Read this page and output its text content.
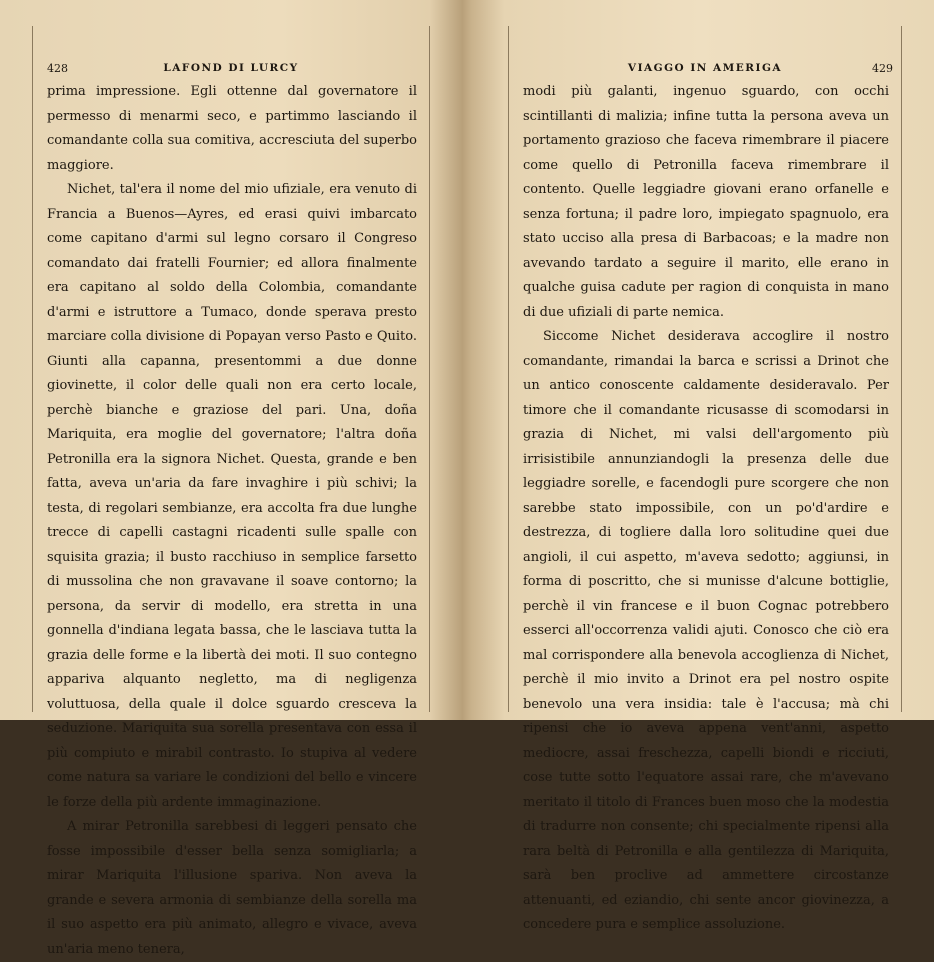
428	LAFOND DI LURCY

prima impressione. Egli ottenne dal governatore il permesso di menarmi seco, e partimmo lasciando il comandante colla sua comitiva, accresciuta del superbo maggiore.

Nichet, tal'era il nome del mio ufiziale, era venuto di Francia a Buenos—Ayres, ed erasi quivi imbarcato come capitano d'armi sul legno corsaro il Congreso comandato dai fratelli Fournier; ed allora finalmente era capitano al soldo della Colombia, comandante d'armi e istruttore a Tumaco, donde sperava presto marciare colla divisione di Popayan verso Pasto e Quito. Giunti alla capanna, presentommi a due donne giovinette, il color delle quali non era certo locale, perchè bianche e graziose del pari. Una, doña Mariquita, era moglie del governatore; l'altra doña Petronilla era la signora Nichet. Questa, grande e ben fatta, aveva un'aria da fare invaghire i più schivi; la testa, di regolari sembianze, era accolta fra due lunghe trecce di capelli castagni ricadenti sulle spalle con squisita grazia; il busto racchiuso in semplice farsetto di mussolina che non gravavane il soave contorno; la persona, da servir di modello, era stretta in una gonnella d'indiana legata bassa, che le lasciava tutta la grazia delle forme e la libertà dei moti. Il suo contegno appariva alquanto negletto, ma di negligenza voluttuosa, della quale il dolce sguardo cresceva la seduzione. Mariquita sua sorella presentava con essa il più compiuto e mirabil contrasto. Io stupiva al vedere come natura sa variare le condizioni del bello e vincere le forze della più ardente immaginazione.

A mirar Petronilla sarebbesi di leggeri pensato che fosse impossibile d'esser bella senza somigliarla; a mirar Mariquita l'illusione spariva. Non aveva la grande e severa armonia di sembianze della sorella ma il suo aspetto era più animato, allegro e vivace, aveva un'aria meno tenera,

VIAGGO IN AMERIGA	429

modi più galanti, ingenuo sguardo, con occhi scintillanti di malizia; infine tutta la persona aveva un portamento grazioso che faceva rimembrare il piacere come quello di Petronilla faceva rimembrare il contento. Quelle leggiadre giovani erano orfanelle e senza fortuna; il padre loro, impiegato spagnuolo, era stato ucciso alla presa di Barbacoas; e la madre non avevando tardato a seguire il marito, elle erano in qualche guisa cadute per ragion di conquista in mano di due ufiziali di parte nemica.

Siccome Nichet desiderava accoglire il nostro comandante, rimandai la barca e scrissi a Drinot che un antico conoscente caldamente desideravalo. Per timore che il comandante ricusasse di scomodarsi in grazia di Nichet, mi valsi dell'argomento più irrisistibile annunziandogli la presenza delle due leggiadre sorelle, e facendogli pure scorgere che non sarebbe stato impossibile, con un po'd'ardire e destrezza, di togliere dalla loro solitudine quei due angioli, il cui aspetto, m'aveva sedotto; aggiunsi, in forma di poscritto, che si munisse d'alcune bottiglie, perchè il vin francese e il buon Cognac potrebbero esserci all'occorrenza validi ajuti. Conosco che ciò era mal corrispondere alla benevola accoglienza di Nichet, perchè il mio invito a Drinot era pel nostro ospite benevolo una vera insidia: tale è l'accusa; mà chi ripensi che io aveva appena vent'anni, aspetto mediocre, assai freschezza, capelli biondi e ricciuti, cose tutte sotto l'equatore assai rare, che m'avevano meritato il titolo di Frances buen moso che la modestia di tradurre non consente; chi specialmente ripensi alla rara beltà di Petronilla e alla gentilezza di Mariquita, sarà ben proclive ad ammettere circostanze attenuanti, ed eziandio, chi sente ancor giovinezza, a concedere pura e semplice assoluzione.
